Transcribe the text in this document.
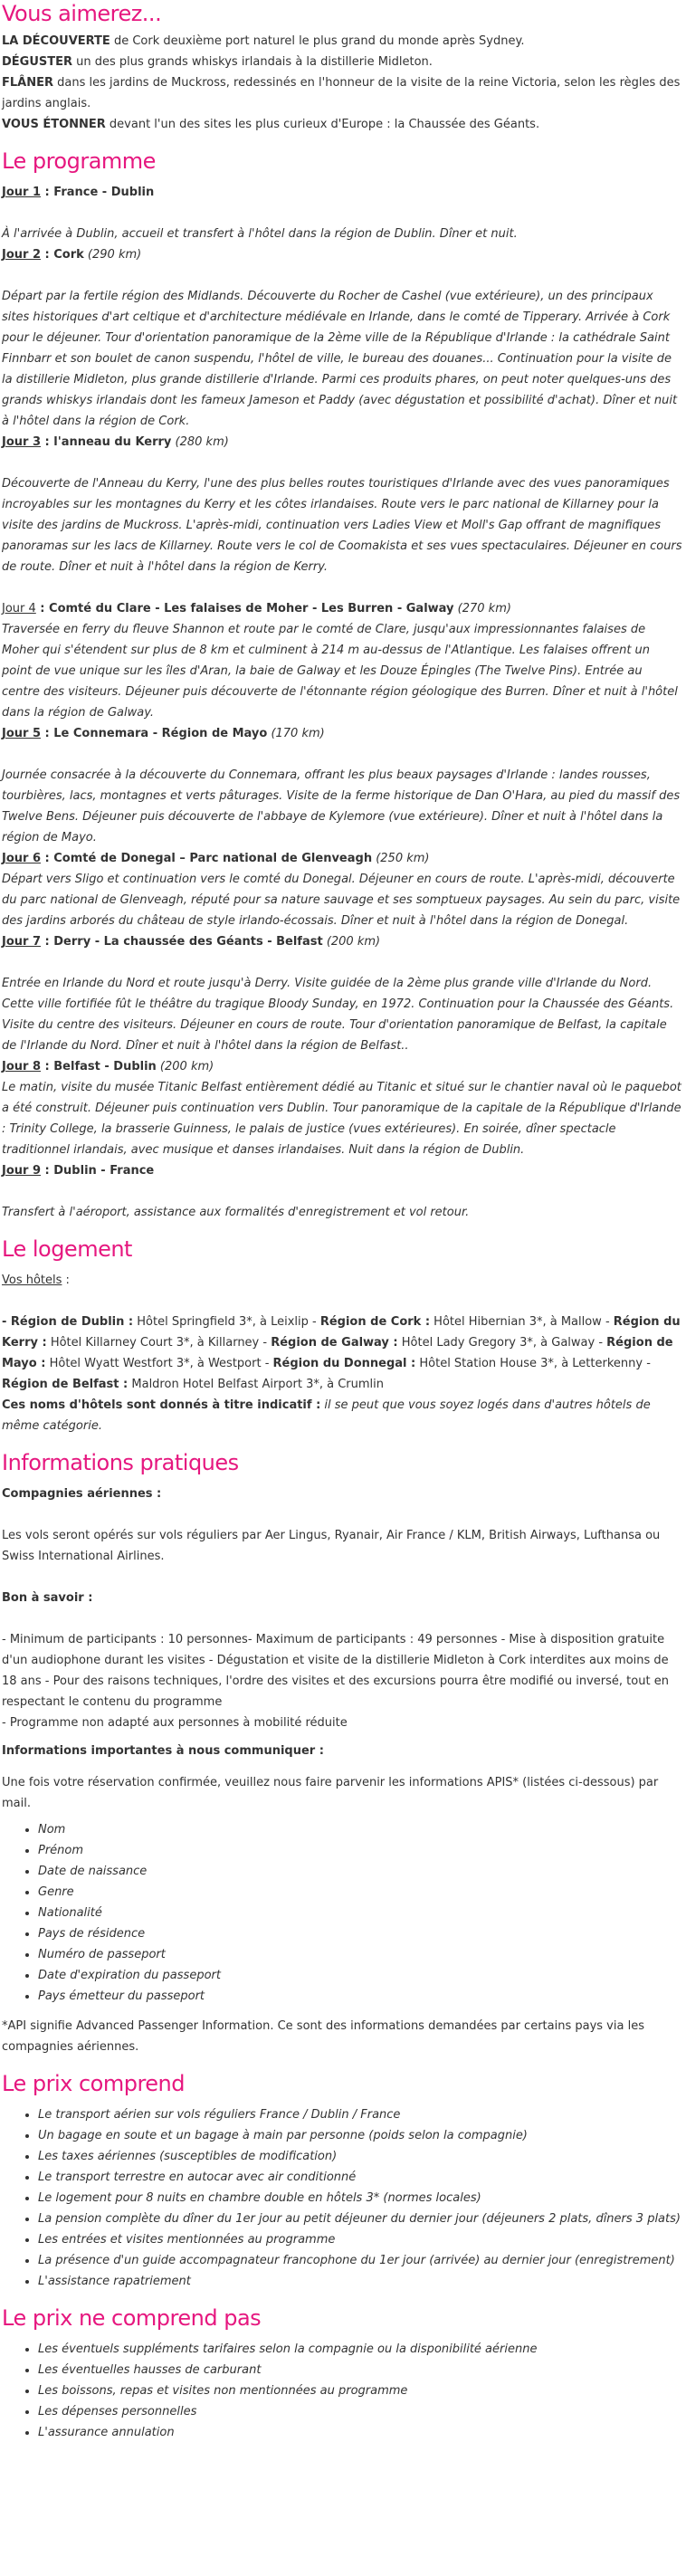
Vous aimerez...

LA DÉCOUVERTE de Cork deuxième port naturel le plus grand du monde après Sydney.

DÉGUSTER un des plus grands whiskys irlandais à la distillerie Midleton.

FLÂNER dans les jardins de Muckross, redessinés en l'honneur de la visite de la reine Victoria, selon les règles des jardins anglais.

VOUS ÉTONNER devant l'un des sites les plus curieux d'Europe : la Chaussée des Géants.

Le programme

Jour 1 : France - Dublin

À l'arrivée à Dublin, accueil et transfert à l'hôtel dans la région de Dublin. Dîner et nuit.

Jour 2 : Cork (290 km)

Départ par la fertile région des Midlands. Découverte du Rocher de Cashel (vue extérieure), un des principaux sites historiques d'art celtique et d'architecture médiévale en Irlande, dans le comté de Tipperary. Arrivée à Cork pour le déjeuner. Tour d'orientation panoramique de la 2ème ville de la République d'Irlande : la cathédrale Saint Finnbarr et son boulet de canon suspendu, l'hôtel de ville, le bureau des douanes... Continuation pour la visite de la distillerie Midleton, plus grande distillerie d'Irlande. Parmi ces produits phares, on peut noter quelques-uns des grands whiskys irlandais dont les fameux Jameson et Paddy (avec dégustation et possibilité d'achat). Dîner et nuit à l'hôtel dans la région de Cork.

Jour 3 : l'anneau du Kerry (280 km)

Découverte de l'Anneau du Kerry, l'une des plus belles routes touristiques d'Irlande avec des vues panoramiques incroyables sur les montagnes du Kerry et les côtes irlandaises. Route vers le parc national de Killarney pour la visite des jardins de Muckross. L'après-midi, continuation vers Ladies View et Moll's Gap offrant de magnifiques panoramas sur les lacs de Killarney. Route vers le col de Coomakista et ses vues spectaculaires. Déjeuner en cours de route. Dîner et nuit à l'hôtel dans la région de Kerry.

Jour 4 : Comté du Clare - Les falaises de Moher - Les Burren - Galway (270 km)

Traversée en ferry du fleuve Shannon et route par le comté de Clare, jusqu'aux impressionnantes falaises de Moher qui s'étendent sur plus de 8 km et culminent à 214 m au-dessus de l'Atlantique. Les falaises offrent un point de vue unique sur les îles d'Aran, la baie de Galway et les Douze Épingles (The Twelve Pins). Entrée au centre des visiteurs. Déjeuner puis découverte de l'étonnante région géologique des Burren. Dîner et nuit à l'hôtel dans la région de Galway.

Jour 5 : Le Connemara - Région de Mayo (170 km)

Journée consacrée à la découverte du Connemara, offrant les plus beaux paysages d'Irlande : landes rousses, tourbières, lacs, montagnes et verts pâturages. Visite de la ferme historique de Dan O'Hara, au pied du massif des Twelve Bens. Déjeuner puis découverte de l'abbaye de Kylemore (vue extérieure). Dîner et nuit à l'hôtel dans la région de Mayo.

Jour 6 : Comté de Donegal – Parc national de Glenveagh (250 km)

Départ vers Sligo et continuation vers le comté du Donegal. Déjeuner en cours de route. L'après-midi, découverte du parc national de Glenveagh, réputé pour sa nature sauvage et ses somptueux paysages. Au sein du parc, visite des jardins arborés du château de style irlando-écossais. Dîner et nuit à l'hôtel dans la région de Donegal.

Jour 7 : Derry - La chaussée des Géants - Belfast (200 km)

Entrée en Irlande du Nord et route jusqu'à Derry. Visite guidée de la 2ème plus grande ville d'Irlande du Nord. Cette ville fortifiée fût le théâtre du tragique Bloody Sunday, en 1972. Continuation pour la Chaussée des Géants. Visite du centre des visiteurs. Déjeuner en cours de route. Tour d'orientation panoramique de Belfast, la capitale de l'Irlande du Nord. Dîner et nuit à l'hôtel dans la région de Belfast..

Jour 8 : Belfast - Dublin (200 km)

Le matin, visite du musée Titanic Belfast entièrement dédié au Titanic et situé sur le chantier naval où le paquebot a été construit. Déjeuner puis continuation vers Dublin. Tour panoramique de la capitale de la République d'Irlande : Trinity College, la brasserie Guinness, le palais de justice (vues extérieures). En soirée, dîner spectacle traditionnel irlandais, avec musique et danses irlandaises. Nuit dans la région de Dublin.

Jour 9 : Dublin - France

Transfert à l'aéroport, assistance aux formalités d'enregistrement et vol retour.

Le logement

Vos hôtels :

- Région de Dublin : Hôtel Springfield 3*, à Leixlip - Région de Cork : Hôtel Hibernian 3*, à Mallow - Région du Kerry : Hôtel Killarney Court 3*, à Killarney - Région de Galway : Hôtel Lady Gregory 3*, à Galway - Région de Mayo : Hôtel Wyatt Westfort 3*, à Westport - Région du Donnegal : Hôtel Station House 3*, à Letterkenny - Région de Belfast : Maldron Hotel Belfast Airport 3*, à Crumlin

Ces noms d'hôtels sont donnés à titre indicatif : il se peut que vous soyez logés dans d'autres hôtels de même catégorie.

Informations pratiques

Compagnies aériennes :

Les vols seront opérés sur vols réguliers par Aer Lingus, Ryanair, Air France / KLM, British Airways, Lufthansa ou Swiss International Airlines.

Bon à savoir :

- Minimum de participants : 10 personnes- Maximum de participants : 49 personnes - Mise à disposition gratuite d'un audiophone durant les visites - Dégustation et visite de la distillerie Midleton à Cork interdites aux moins de 18 ans - Pour des raisons techniques, l'ordre des visites et des excursions pourra être modifié ou inversé, tout en respectant le contenu du programme

- Programme non adapté aux personnes à mobilité réduite

Informations importantes à nous communiquer :

Une fois votre réservation confirmée, veuillez nous faire parvenir les informations APIS* (listées ci-dessous) par mail.

• Nom
• Prénom
• Date de naissance
• Genre
• Nationalité
• Pays de résidence
• Numéro de passeport
• Date d'expiration du passeport
• Pays émetteur du passeport

*API signifie Advanced Passenger Information. Ce sont des informations demandées par certains pays via les compagnies aériennes.

Le prix comprend
• Le transport aérien sur vols réguliers France / Dublin / France
• Un bagage en soute et un bagage à main par personne (poids selon la compagnie)
• Les taxes aériennes (susceptibles de modification)
• Le transport terrestre en autocar avec air conditionné
• Le logement pour 8 nuits en chambre double en hôtels 3* (normes locales)
• La pension complète du dîner du 1er jour au petit déjeuner du dernier jour (déjeuners 2 plats, dîners 3 plats)
• Les entrées et visites mentionnées au programme
• La présence d'un guide accompagnateur francophone du 1er jour (arrivée) au dernier jour (enregistrement)
• L'assistance rapatriement
Le prix ne comprend pas
• Les éventuels suppléments tarifaires selon la compagnie ou la disponibilité aérienne
• Les éventuelles hausses de carburant
• Les boissons, repas et visites non mentionnées au programme
• Les dépenses personnelles
• L'assurance annulation
